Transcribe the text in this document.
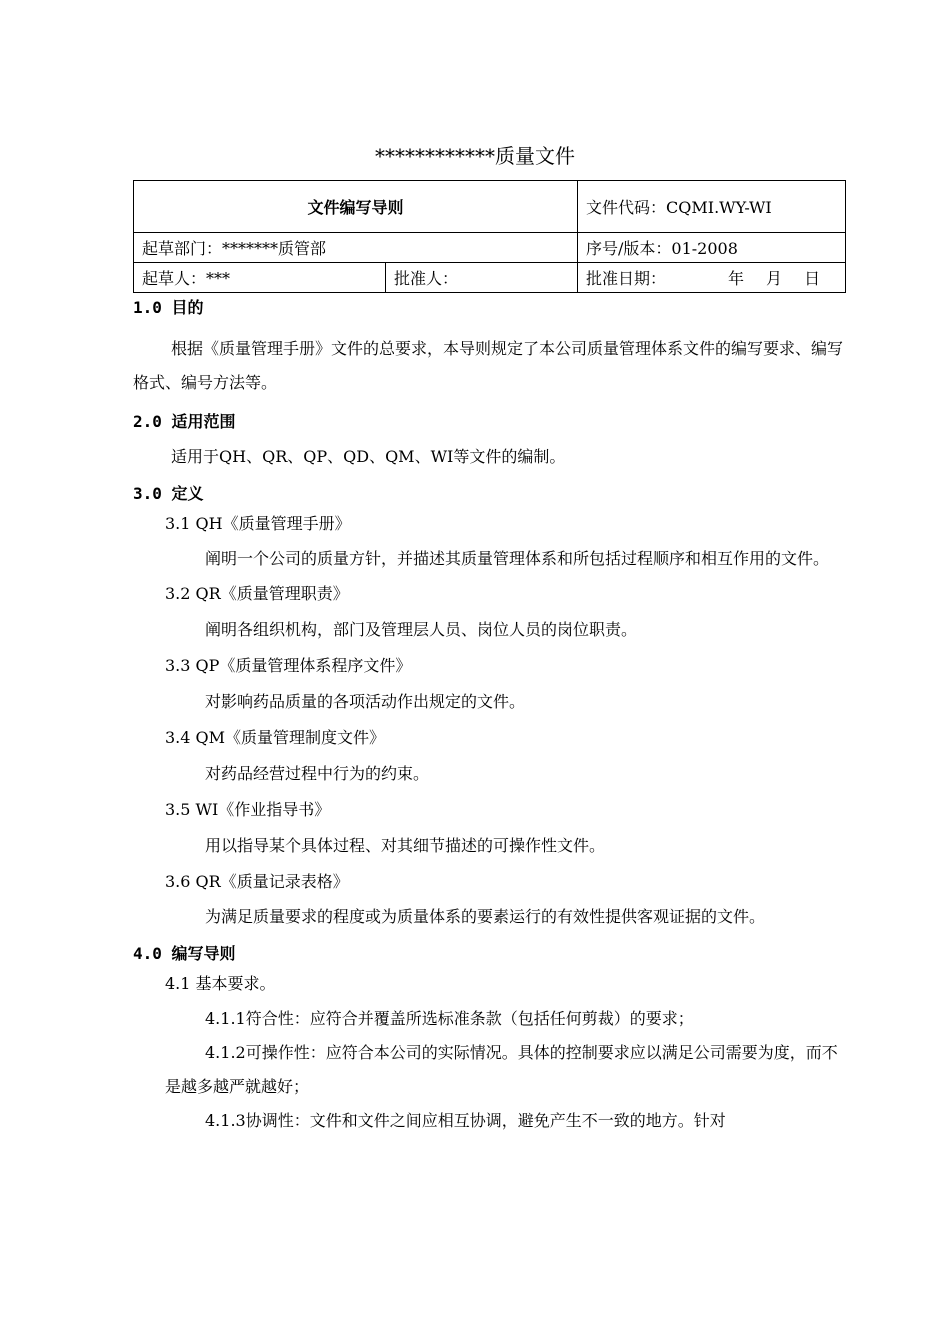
************质量文件
文件编写导则		文件代码：CQMI.WY-WI
起草部门：*******质管部		序号/版本：01-2008
起草人：***	批准人：	批准日期： 年 月 日

1.0 目的

根据《质量管理手册》文件的总要求，本导则规定了本公司质量管理体系文件的编写要求、编写格式、编号方法等。

2.0 适用范围

适用于QH、QR、QP、QD、QM、WI等文件的编制。

3.0 定义

3.1 QH《质量管理手册》

阐明一个公司的质量方针，并描述其质量管理体系和所包括过程顺序和相互作用的文件。

3.2 QR《质量管理职责》

阐明各组织机构，部门及管理层人员、岗位人员的岗位职责。

3.3 QP《质量管理体系程序文件》

对影响药品质量的各项活动作出规定的文件。

3.4 QM《质量管理制度文件》

对药品经营过程中行为的约束。

3.5 WI《作业指导书》

用以指导某个具体过程、对其细节描述的可操作性文件。

3.6 QR《质量记录表格》

为满足质量要求的程度或为质量体系的要素运行的有效性提供客观证据的文件。

4.0 编写导则

4.1 基本要求。

4.1.1符合性：应符合并覆盖所选标准条款（包括任何剪裁）的要求；

4.1.2可操作性：应符合本公司的实际情况。具体的控制要求应以满足公司需要为度，而不是越多越严就越好；

4.1.3协调性：文件和文件之间应相互协调，避免产生不一致的地方。针对
